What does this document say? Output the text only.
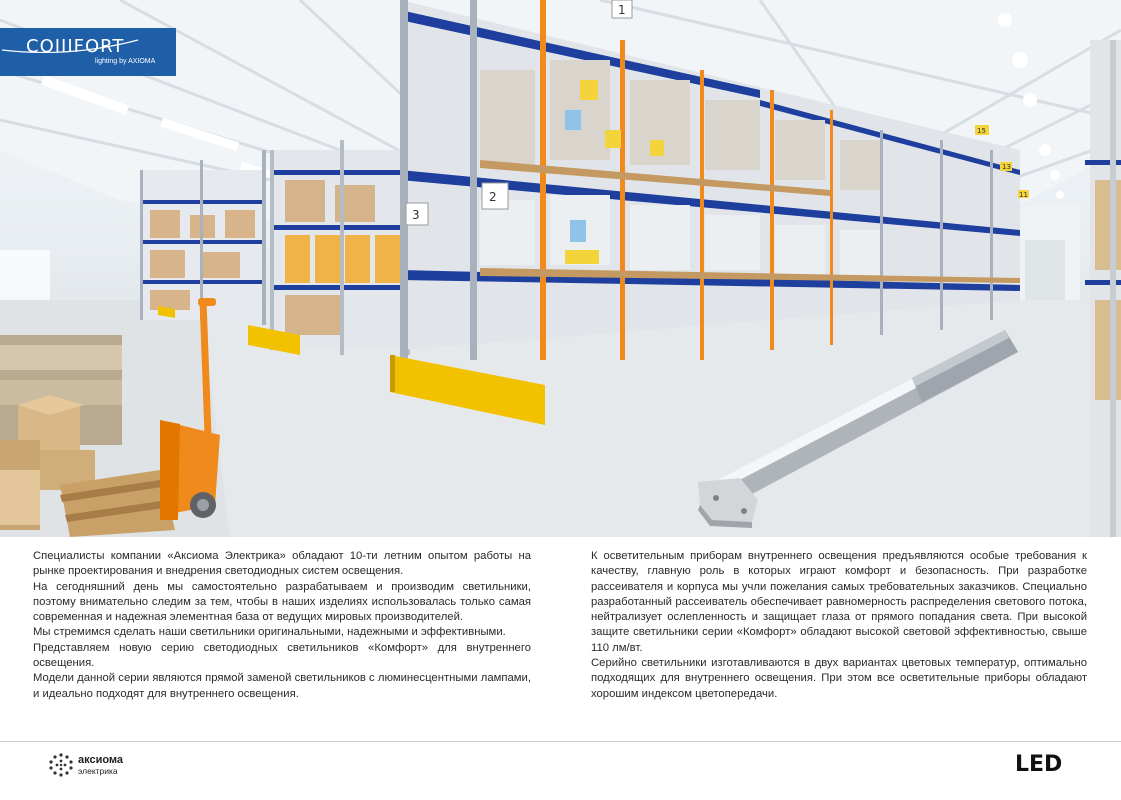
2
3
1
15
13
11
COIIIFORT
lighting by AXIOMA

Специалисты компании «Аксиома Электрика» обладают 10-ти летним опытом работы на рынке проектирования и внедрения светодиодных систем освещения.

На сегодняшний день мы самостоятельно разрабатываем и производим светильники, поэтому внимательно следим за тем, чтобы в наших изделиях использовалась только самая современная и надежная элементная база от ведущих мировых производителей.

Мы стремимся сделать наши светильники оригинальными, надежными и эффективными.

Представляем новую серию светодиодных светильников «Комфорт» для внутреннего освещения.

Модели данной серии являются прямой заменой светильников с люминесцентными лампами, и идеально подходят для внутреннего освещения.

К осветительным приборам внутреннего освещения предъявляются особые требования к качеству, главную роль в которых играют комфорт и безопасность. При разработке рассеивателя и корпуса мы учли пожелания самых требовательных заказчиков. Специально разработанный рассеиватель обеспечивает равномерность распределения светового потока, нейтрализует ослепленность и защищает глаза от прямого попадания света. При высокой защите светильники серии «Комфорт» обладают высокой световой эффективностью, свыше 110 лм/вт.

Серийно светильники изготавливаются в двух вариантах цветовых температур, оптимально подходящих для внутреннего освещения. При этом все осветительные приборы обладают хорошим индексом цветопередачи.

аксиома
электрика	LED
